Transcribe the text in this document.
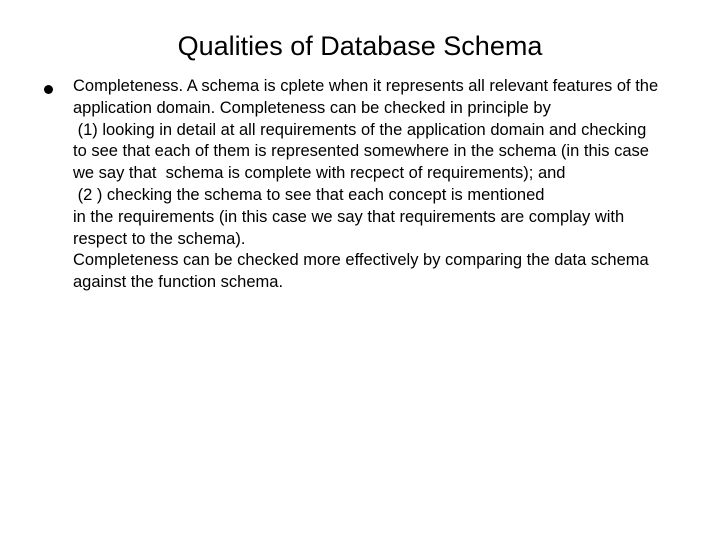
Qualities of Database Schema
Completeness. A schema is cplete when it represents all relevant features of the
application domain. Completeness can be checked in principle by
(1) looking in detail at all requirements of the application domain and checking
to see that each of them is represented somewhere in the schema (in this case
we say that  schema is complete with recpect of requirements); and
(2 ) checking the schema to see that each concept is mentioned
in the requirements (in this case we say that requirements are complay with
respect to the schema).
Completeness can be checked more effectively by comparing the data schema
against the function schema.
